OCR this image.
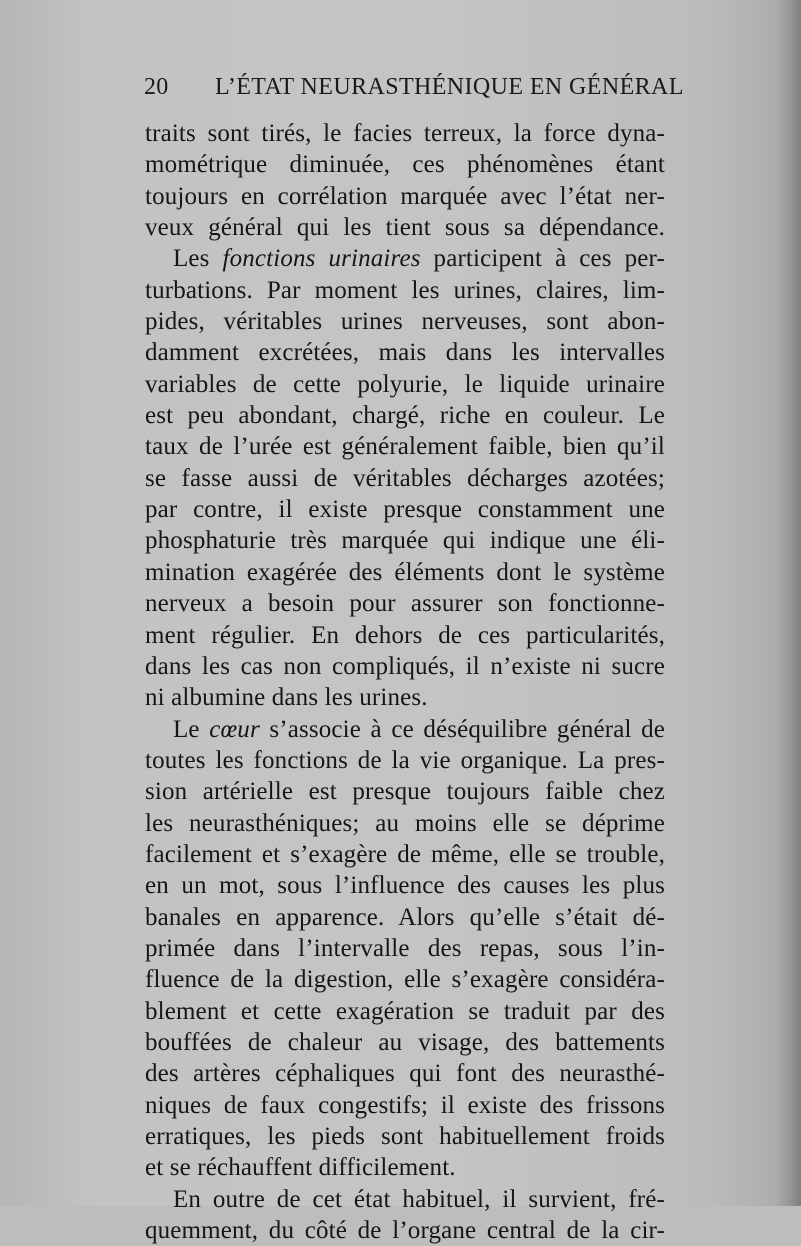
20 L’ÉTAT NEURASTHÉNIQUE EN GÉNÉRAL
traits sont tirés, le facies terreux, la force dyna-
mométrique diminuée, ces phénomènes étant
toujours en corrélation marquée avec l’état ner-
veux général qui les tient sous sa dépendance.
Les fonctions urinaires participent à ces per-
turbations. Par moment les urines, claires, lim-
pides, véritables urines nerveuses, sont abon-
damment excrétées, mais dans les intervalles
variables de cette polyurie, le liquide urinaire
est peu abondant, chargé, riche en couleur. Le
taux de l’urée est généralement faible, bien qu’il
se fasse aussi de véritables décharges azotées;
par contre, il existe presque constamment une
phosphaturie très marquée qui indique une éli-
mination exagérée des éléments dont le système
nerveux a besoin pour assurer son fonctionne-
ment régulier. En dehors de ces particularités,
dans les cas non compliqués, il n’existe ni sucre
ni albumine dans les urines.
Le cœur s’associe à ce déséquilibre général de
toutes les fonctions de la vie organique. La pres-
sion artérielle est presque toujours faible chez
les neurasthéniques; au moins elle se déprime
facilement et s’exagère de même, elle se trouble,
en un mot, sous l’influence des causes les plus
banales en apparence. Alors qu’elle s’était dé-
primée dans l’intervalle des repas, sous l’in-
fluence de la digestion, elle s’exagère considéra-
blement et cette exagération se traduit par des
bouffées de chaleur au visage, des battements
des artères céphaliques qui font des neurasthé-
niques de faux congestifs; il existe des frissons
erratiques, les pieds sont habituellement froids
et se réchauffent difficilement.
En outre de cet état habituel, il survient, fré-
quemment, du côté de l’organe central de la cir-
